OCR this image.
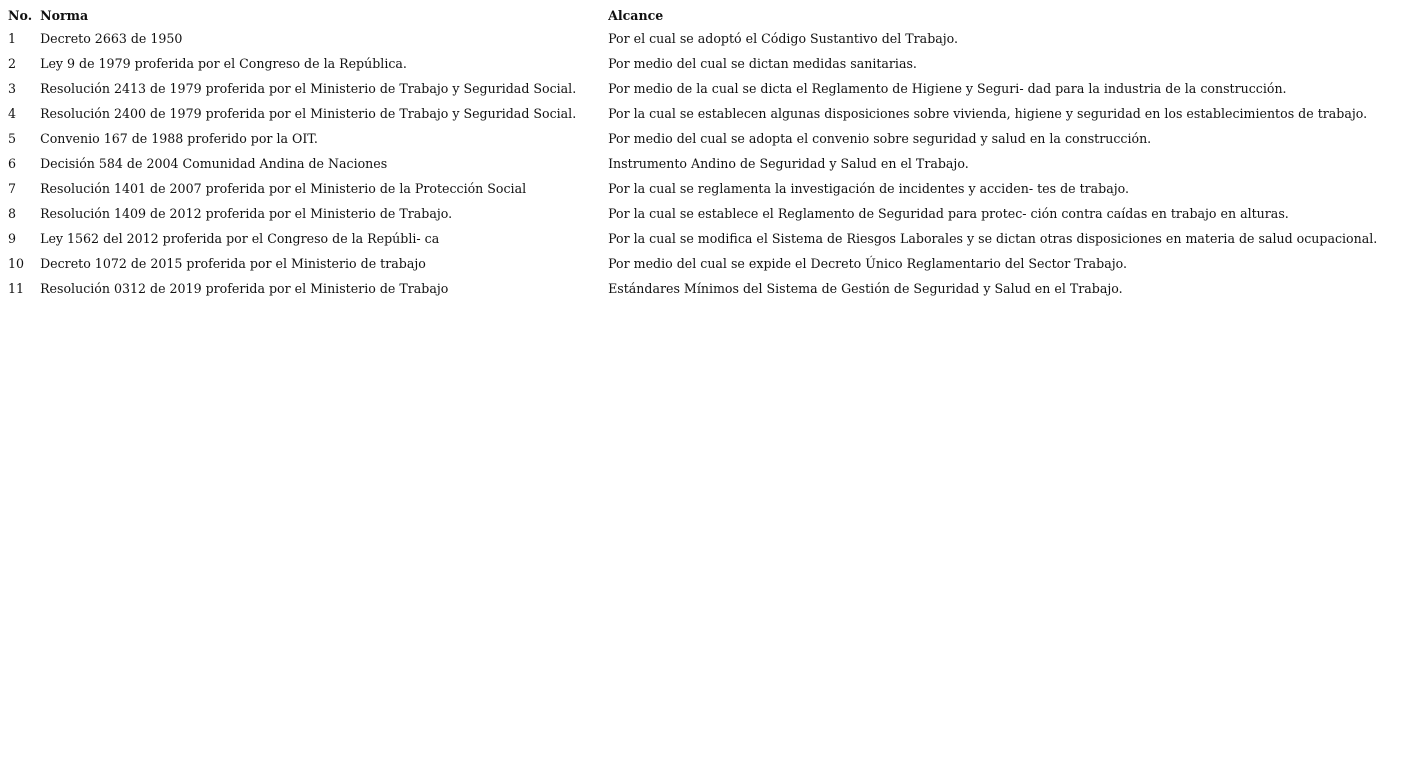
No.	Norma	Alcance
1	Decreto 2663 de 1950	Por el cual se adoptó el Código Sustantivo del Trabajo.
2	Ley 9 de 1979 proferida por el Congreso de la República.	Por medio del cual se dictan medidas sanitarias.
3	Resolución 2413 de 1979 proferida por el Ministerio de Trabajo y Seguridad Social.	Por medio de la cual se dicta el Reglamento de Higiene y Seguri- dad para la industria de la construcción.
4	Resolución 2400 de 1979 proferida por el Ministerio de Trabajo y Seguridad Social.	Por la cual se establecen algunas disposiciones sobre vivienda, higiene y seguridad en los establecimientos de trabajo.
5	Convenio 167 de 1988 proferido por la OIT.	Por medio del cual se adopta el convenio sobre seguridad y salud en la construcción.
6	Decisión 584 de 2004 Comunidad Andina de Naciones	Instrumento Andino de Seguridad y Salud en el Trabajo.
7	Resolución 1401 de 2007 proferida por el Ministerio de la Protección Social	Por la cual se reglamenta la investigación de incidentes y acciden- tes de trabajo.
8	Resolución 1409 de 2012 proferida por el Ministerio de Trabajo.	Por la cual se establece el Reglamento de Seguridad para protec- ción contra caídas en trabajo en alturas.
9	Ley 1562 del 2012 proferida por el Congreso de la Repúbli- ca	Por la cual se modifica el Sistema de Riesgos Laborales y se dictan otras disposiciones en materia de salud ocupacional.
10	Decreto 1072 de 2015 proferida por el Ministerio de trabajo	Por medio del cual se expide el Decreto Único Reglamentario del Sector Trabajo.
11	Resolución 0312 de 2019 proferida por el Ministerio de Trabajo	Estándares Mínimos del Sistema de Gestión de Seguridad y Salud en el Trabajo.
